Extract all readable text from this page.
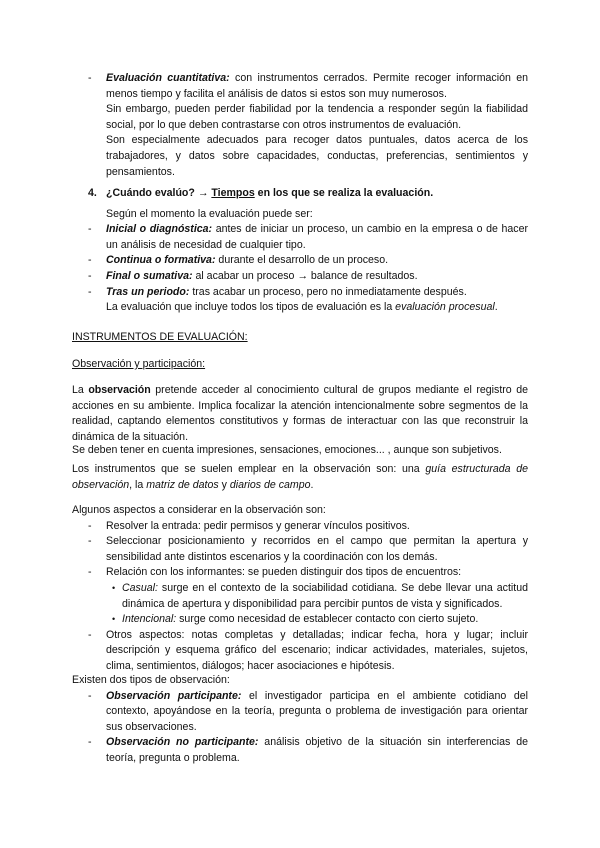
- Evaluación cuantitativa: con instrumentos cerrados. Permite recoger información en menos tiempo y facilita el análisis de datos si estos son muy numerosos.
Sin embargo, pueden perder fiabilidad por la tendencia a responder según la fiabilidad social, por lo que deben contrastarse con otros instrumentos de evaluación.
Son especialmente adecuados para recoger datos puntuales, datos acerca de los trabajadores, y datos sobre capacidades, conductas, preferencias, sentimientos y pensamientos.
4. ¿Cuándo evalúo? → Tiempos en los que se realiza la evaluación.
Según el momento la evaluación puede ser:
- Inicial o diagnóstica: antes de iniciar un proceso, un cambio en la empresa o de hacer un análisis de necesidad de cualquier tipo.
- Continua o formativa: durante el desarrollo de un proceso.
- Final o sumativa: al acabar un proceso → balance de resultados.
- Tras un periodo: tras acabar un proceso, pero no inmediatamente después.
La evaluación que incluye todos los tipos de evaluación es la evaluación procesual.
INSTRUMENTOS DE EVALUACIÓN:
Observación y participación:
La observación pretende acceder al conocimiento cultural de grupos mediante el registro de acciones en su ambiente. Implica focalizar la atención intencionalmente sobre segmentos de la realidad, captando elementos constitutivos y formas de interactuar con las que reconstruir la dinámica de la situación.
Se deben tener en cuenta impresiones, sensaciones, emociones... , aunque son subjetivos.
Los instrumentos que se suelen emplear en la observación son: una guía estructurada de observación, la matriz de datos y diarios de campo.
Algunos aspectos a considerar en la observación son:
- Resolver la entrada: pedir permisos y generar vínculos positivos.
- Seleccionar posicionamiento y recorridos en el campo que permitan la apertura y sensibilidad ante distintos escenarios y la coordinación con los demás.
- Relación con los informantes: se pueden distinguir dos tipos de encuentros:
• Casual: surge en el contexto de la sociabilidad cotidiana. Se debe llevar una actitud dinámica de apertura y disponibilidad para percibir puntos de vista y significados.
• Intencional: surge como necesidad de establecer contacto con cierto sujeto.
- Otros aspectos: notas completas y detalladas; indicar fecha, hora y lugar; incluir descripción y esquema gráfico del escenario; indicar actividades, materiales, sujetos, clima, sentimientos, diálogos; hacer asociaciones e hipótesis.
Existen dos tipos de observación:
- Observación participante: el investigador participa en el ambiente cotidiano del contexto, apoyándose en la teoría, pregunta o problema de investigación para orientar sus observaciones.
- Observación no participante: análisis objetivo de la situación sin interferencias de teoría, pregunta o problema.
